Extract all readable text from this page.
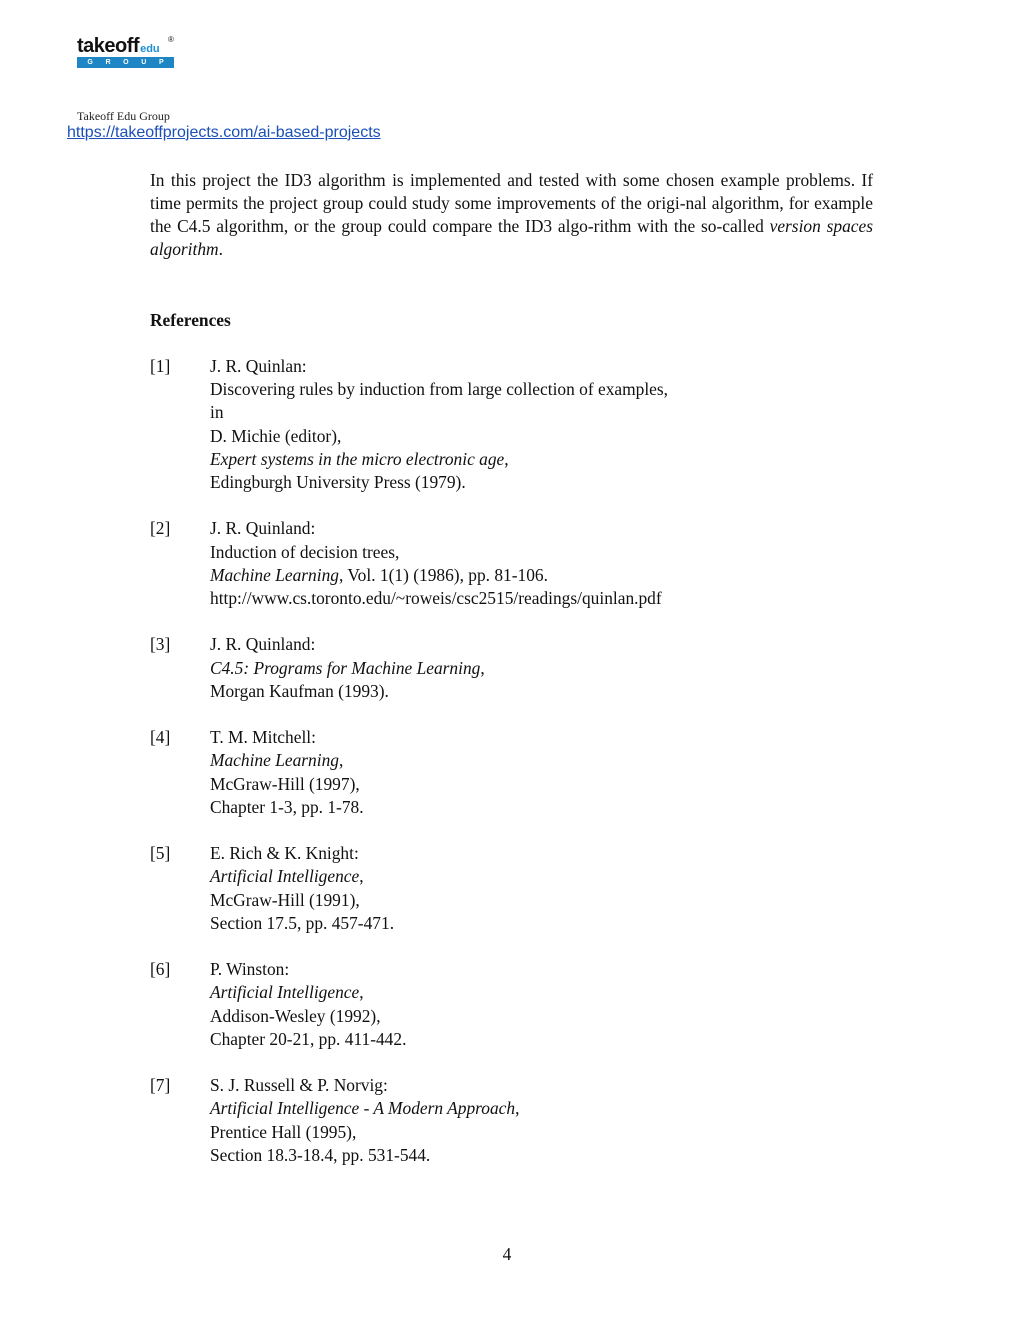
takeoffedu
®
G R O U P
Takeoff Edu Group
https://takeoffprojects.com/ai-based-projects

In this project the ID3 algorithm is implemented and tested with some chosen example problems. If time permits the project group could study some improvements of the origi-nal algorithm, for example the C4.5 algorithm, or the group could compare the ID3 algo-rithm with the so-called version spaces algorithm.

References
[1] J. R. Quinlan:
Discovering rules by induction from large collection of examples,
in
D. Michie (editor),
Expert systems in the micro electronic age,
Edingburgh University Press (1979).
[2] J. R. Quinland:
Induction of decision trees,
Machine Learning, Vol. 1(1) (1986), pp. 81-106.
http://www.cs.toronto.edu/~roweis/csc2515/readings/quinlan.pdf
[3] J. R. Quinland:
C4.5: Programs for Machine Learning,
Morgan Kaufman (1993).
[4] T. M. Mitchell:
Machine Learning,
McGraw-Hill (1997),
Chapter 1-3, pp. 1-78.
[5] E. Rich & K. Knight:
Artificial Intelligence,
McGraw-Hill (1991),
Section 17.5, pp. 457-471.
[6] P. Winston:
Artificial Intelligence,
Addison-Wesley (1992),
Chapter 20-21, pp. 411-442.
[7] S. J. Russell & P. Norvig:
Artificial Intelligence - A Modern Approach,
Prentice Hall (1995),
Section 18.3-18.4, pp. 531-544.
4
